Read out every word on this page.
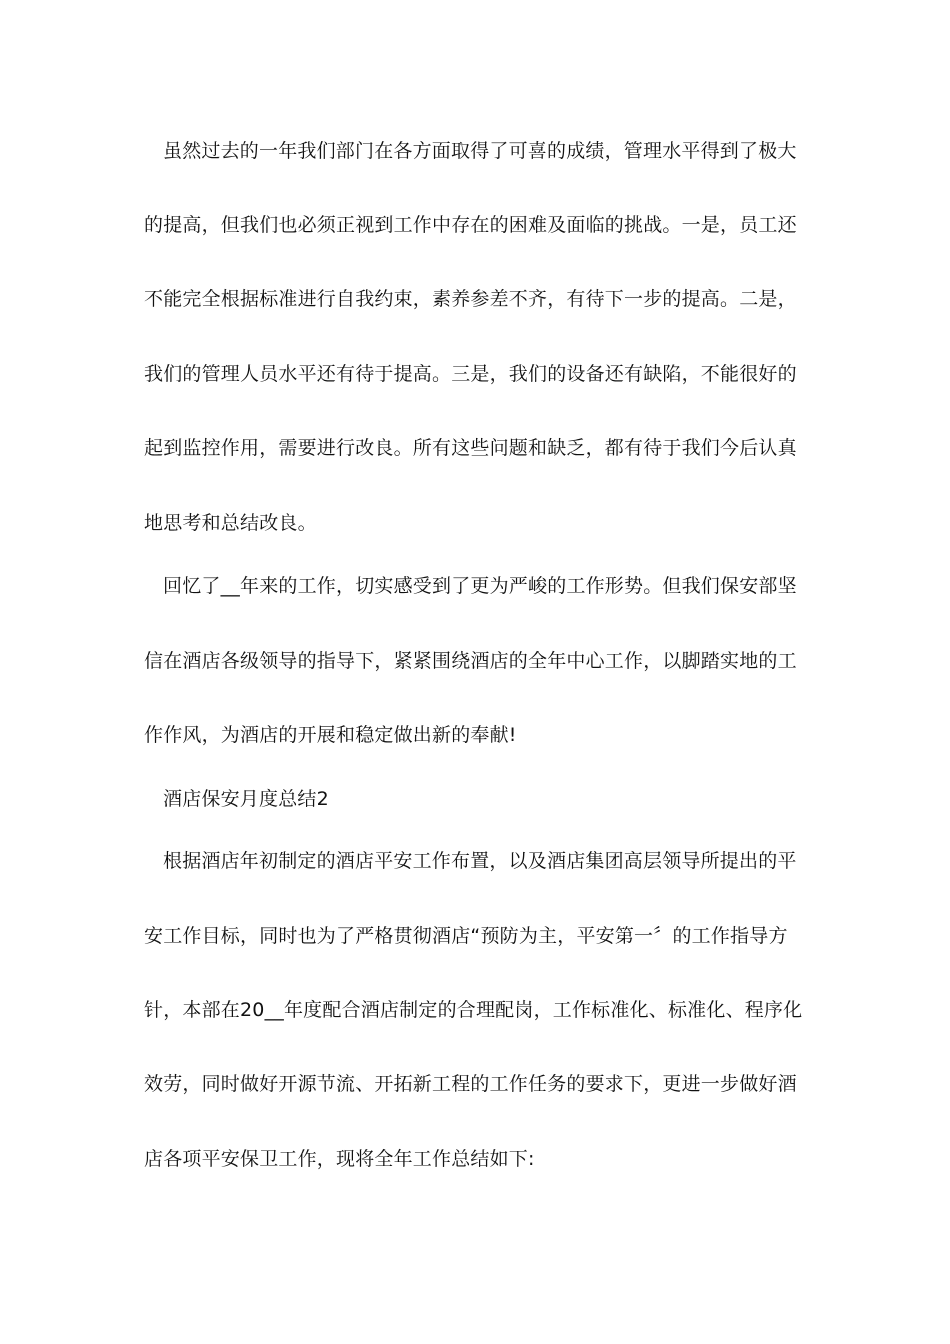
虽然过去的一年我们部门在各方面取得了可喜的成绩，管理水平得到了极大
的提高，但我们也必须正视到工作中存在的困难及面临的挑战。一是，员工还
不能完全根据标准进行自我约束，素养参差不齐，有待下一步的提高。二是，
我们的管理人员水平还有待于提高。三是，我们的设备还有缺陷，不能很好的
起到监控作用，需要进行改良。所有这些问题和缺乏，都有待于我们今后认真
地思考和总结改良。
回忆了__年来的工作，切实感受到了更为严峻的工作形势。但我们保安部坚
信在酒店各级领导的指导下，紧紧围绕酒店的全年中心工作，以脚踏实地的工
作作风，为酒店的开展和稳定做出新的奉献!
酒店保安月度总结2
根据酒店年初制定的酒店平安工作布置，以及酒店集团高层领导所提出的平
安工作目标，同时也为了严格贯彻酒店“预防为主，平安第一〞的工作指导方
针，本部在20__年度配合酒店制定的合理配岗，工作标准化、标准化、程序化
效劳，同时做好开源节流、开拓新工程的工作任务的要求下，更进一步做好酒
店各项平安保卫工作，现将全年工作总结如下:
